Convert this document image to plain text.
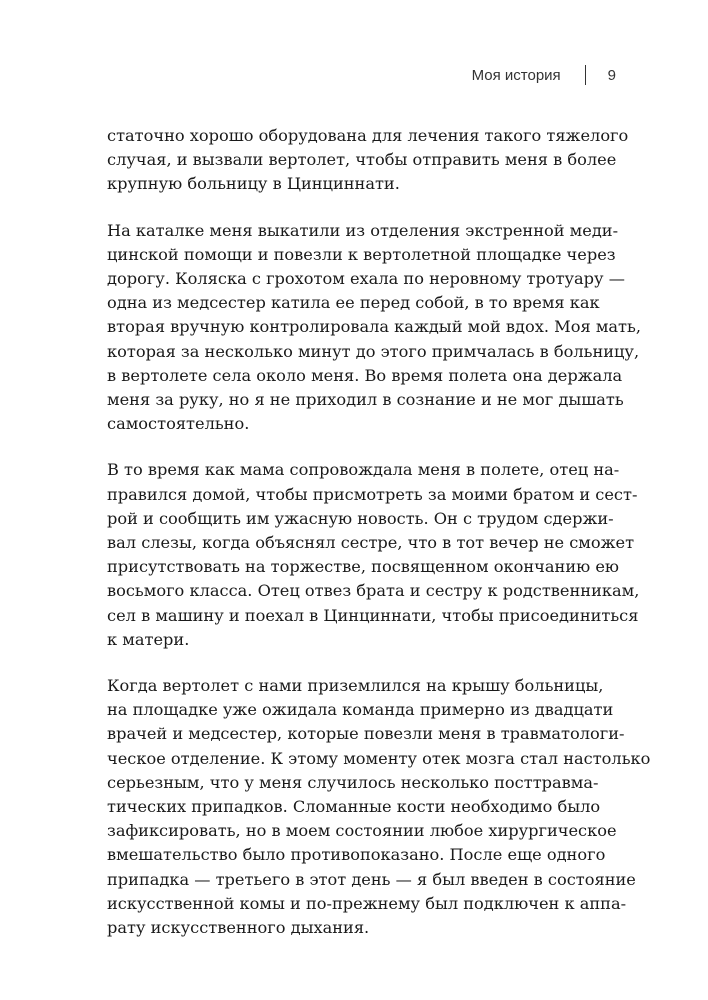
Моя история	9

статочно хорошо оборудована для лечения такого тяжелого
случая, и вызвали вертолет, чтобы отправить меня в более
крупную больницу в Цинциннати.

На каталке меня выкатили из отделения экстренной меди-
цинской помощи и повезли к вертолетной площадке через
дорогу. Коляска с грохотом ехала по неровному тротуару —
одна из медсестер катила ее перед собой, в то время как
вторая вручную контролировала каждый мой вдох. Моя мать,
которая за несколько минут до этого примчалась в больницу,
в вертолете села около меня. Во время полета она держала
меня за руку, но я не приходил в сознание и не мог дышать
самостоятельно.

В то время как мама сопровождала меня в полете, отец на-
правился домой, чтобы присмотреть за моими братом и сест-
рой и сообщить им ужасную новость. Он с трудом сдержи-
вал слезы, когда объяснял сестре, что в тот вечер не сможет
присутствовать на торжестве, посвященном окончанию ею
восьмого класса. Отец отвез брата и сестру к родственникам,
сел в машину и поехал в Цинциннати, чтобы присоединиться
к матери.

Когда вертолет с нами приземлился на крышу больницы,
на площадке уже ожидала команда примерно из двадцати
врачей и медсестер, которые повезли меня в травматологи-
ческое отделение. К этому моменту отек мозга стал настолько
серьезным, что у меня случилось несколько посттравма-
тических припадков. Сломанные кости необходимо было
зафиксировать, но в моем состоянии любое хирургическое
вмешательство было противопоказано. После еще одного
припадка — третьего в этот день — я был введен в состояние
искусственной комы и по-прежнему был подключен к аппа-
рату искусственного дыхания.
